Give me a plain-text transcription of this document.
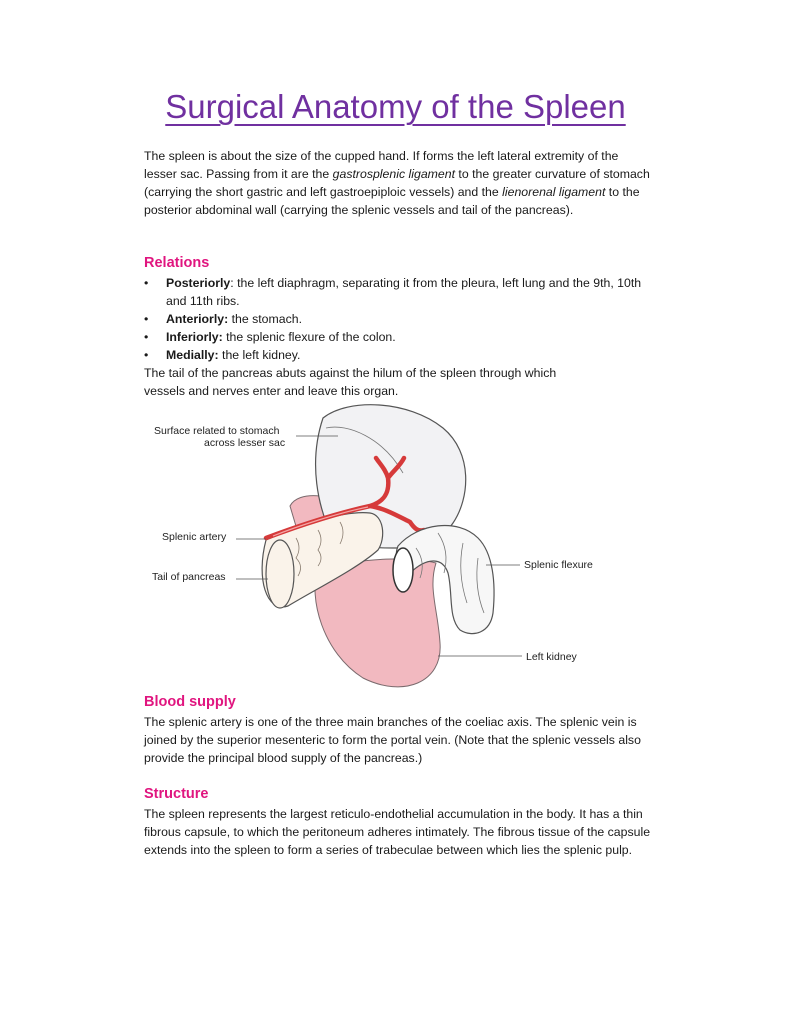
Surgical Anatomy of the Spleen

The spleen is about the size of the cupped hand. If forms the left lateral extremity of the lesser sac. Passing from it are the gastrosplenic ligament to the greater curvature of stomach (carrying the short gastric and left gastroepiploic vessels) and the lienorenal ligament to the posterior abdominal wall (carrying the splenic vessels and tail of the pancreas).

Relations
• Posteriorly: the left diaphragm, separating it from the pleura, left lung and the 9th, 10th and 11th ribs.
• Anteriorly: the stomach.
• Inferiorly: the splenic flexure of the colon.
• Medially: the left kidney.

The tail of the pancreas abuts against the hilum of the spleen through which vessels and nerves enter and leave this organ.

Surface related to stomach
across lesser sac
Splenic artery
Tail of pancreas
Splenic flexure
Left kidney
Blood supply

The splenic artery is one of the three main branches of the coeliac axis. The splenic vein is joined by the superior mesenteric to form the portal vein. (Note that the splenic vessels also provide the principal blood supply of the pancreas.)

Structure

The spleen represents the largest reticulo-endothelial accumulation in the body. It has a thin fibrous capsule, to which the peritoneum adheres intimately. The fibrous tissue of the capsule extends into the spleen to form a series of trabeculae between which lies the splenic pulp.
